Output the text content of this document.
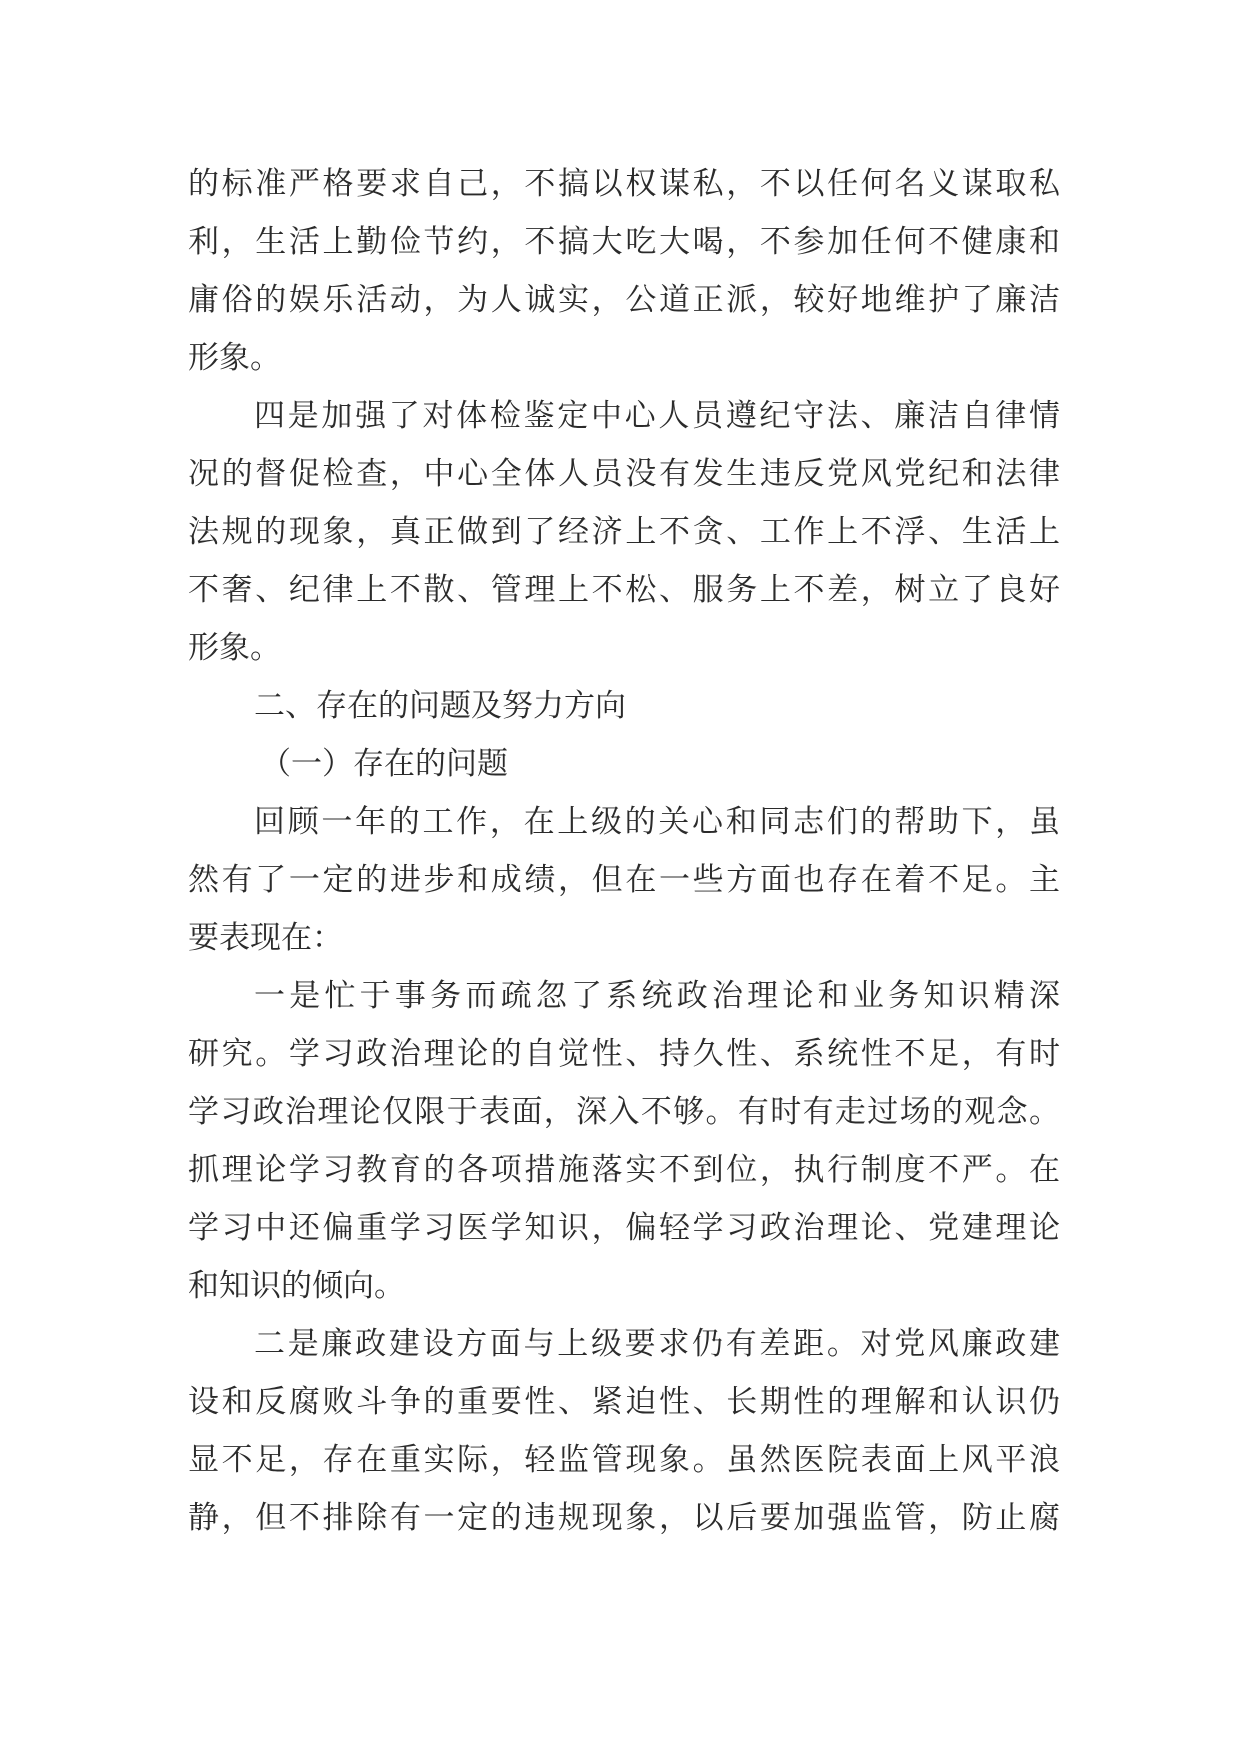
的标准严格要求自己，不搞以权谋私，不以任何名义谋取私
利，生活上勤俭节约，不搞大吃大喝，不参加任何不健康和
庸俗的娱乐活动，为人诚实，公道正派，较好地维护了廉洁
形象。
四是加强了对体检鉴定中心人员遵纪守法、廉洁自律情
况的督促检查，中心全体人员没有发生违反党风党纪和法律
法规的现象，真正做到了经济上不贪、工作上不浮、生活上
不奢、纪律上不散、管理上不松、服务上不差，树立了良好
形象。
二、存在的问题及努力方向
（一）存在的问题
回顾一年的工作，在上级的关心和同志们的帮助下，虽
然有了一定的进步和成绩，但在一些方面也存在着不足。主
要表现在：
一是忙于事务而疏忽了系统政治理论和业务知识精深
研究。学习政治理论的自觉性、持久性、系统性不足，有时
学习政治理论仅限于表面，深入不够。有时有走过场的观念。
抓理论学习教育的各项措施落实不到位，执行制度不严。在
学习中还偏重学习医学知识，偏轻学习政治理论、党建理论
和知识的倾向。
二是廉政建设方面与上级要求仍有差距。对党风廉政建
设和反腐败斗争的重要性、紧迫性、长期性的理解和认识仍
显不足，存在重实际，轻监管现象。虽然医院表面上风平浪
静，但不排除有一定的违规现象，以后要加强监管，防止腐
